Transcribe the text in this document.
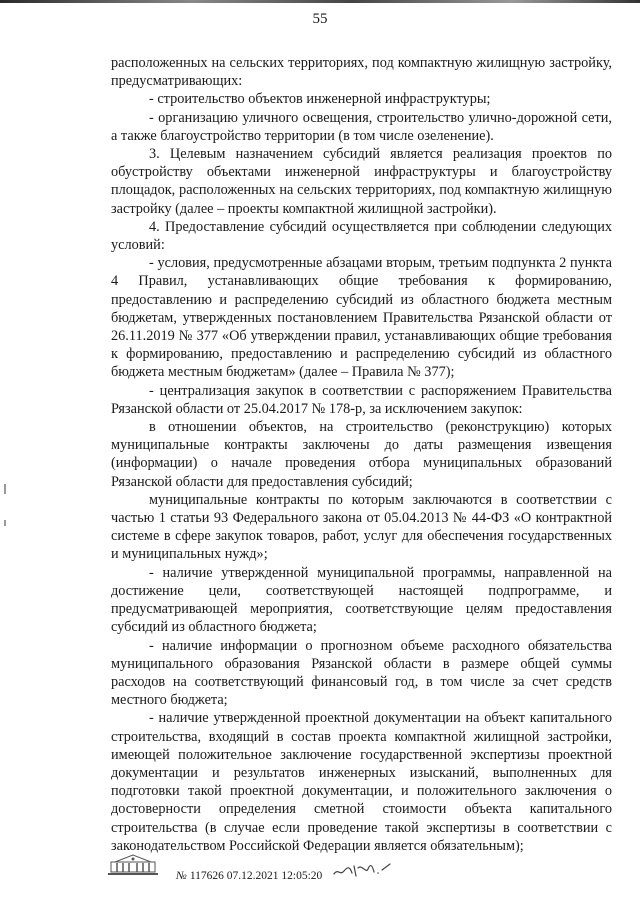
55

расположенных на сельских территориях, под компактную жилищную застройку, предусматривающих:

- строительство объектов инженерной инфраструктуры;

- организацию уличного освещения, строительство улично-дорожной сети, а также благоустройство территории (в том числе озеленение).

3. Целевым назначением субсидий является реализация проектов по обустройству объектами инженерной инфраструктуры и благоустройству площадок, расположенных на сельских территориях, под компактную жилищную застройку (далее – проекты компактной жилищной застройки).

4. Предоставление субсидий осуществляется при соблюдении следующих условий:

- условия, предусмотренные абзацами вторым, третьим подпункта 2 пункта 4 Правил, устанавливающих общие требования к формированию, предоставлению и распределению субсидий из областного бюджета местным бюджетам, утвержденных постановлением Правительства Рязанской области от 26.11.2019 № 377 «Об утверждении правил, устанавливающих общие требования к формированию, предоставлению и распределению субсидий из областного бюджета местным бюджетам» (далее – Правила № 377);

- централизация закупок в соответствии с распоряжением Правительства Рязанской области от 25.04.2017 № 178-р, за исключением закупок:

в отношении объектов, на строительство (реконструкцию) которых муниципальные контракты заключены до даты размещения извещения (информации) о начале проведения отбора муниципальных образований Рязанской области для предоставления субсидий;

муниципальные контракты по которым заключаются в соответствии с частью 1 статьи 93 Федерального закона от 05.04.2013 № 44-ФЗ «О контрактной системе в сфере закупок товаров, работ, услуг для обеспечения государственных и муниципальных нужд»;

- наличие утвержденной муниципальной программы, направленной на достижение цели, соответствующей настоящей подпрограмме, и предусматривающей мероприятия, соответствующие целям предоставления субсидий из областного бюджета;

- наличие информации о прогнозном объеме расходного обязательства муниципального образования Рязанской области в размере общей суммы расходов на соответствующий финансовый год, в том числе за счет средств местного бюджета;

- наличие утвержденной проектной документации на объект капитального строительства, входящий в состав проекта компактной жилищной застройки, имеющей положительное заключение государственной экспертизы проектной документации и результатов инженерных изысканий, выполненных для подготовки такой проектной документации, и положительного заключения о достоверности определения сметной стоимости объекта капитального строительства (в случае если проведение такой экспертизы в соответствии с законодательством Российской Федерации является обязательным);

№ 117626 07.12.2021 12:05:20
